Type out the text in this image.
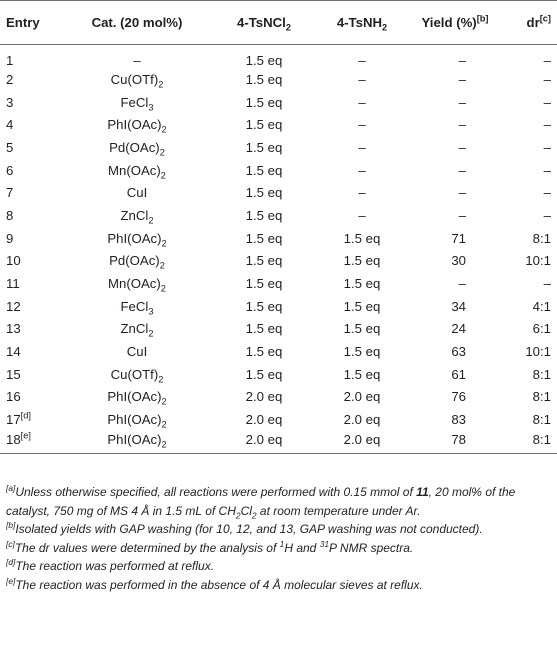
Entry	Cat. (20 mol%)	4-TsNCl$_2$	4-TsNH$_2$	Yield (%)[b]	dr[c]
1	–	1.5 eq	–	–	–
2	$Cu(OTf)_2$	1.5 eq	–	–	–
3	FeCl$_3$	1.5 eq	–	–	–
4	$PhI(OAc)_2$	1.5 eq	–	–	–
5	$Pd(OAc)_2$	1.5 eq	–	–	–
6	$Mn(OAc)_2$	1.5 eq	–	–	–
7	CuI	1.5 eq	–	–	–
8	ZnCl$_2$	1.5 eq	–	–	–
9	$PhI(OAc)_2$	1.5 eq	1.5 eq	71	8:1
10	$Pd(OAc)_2$	1.5 eq	1.5 eq	30	10:1
11	$Mn(OAc)_2$	1.5 eq	1.5 eq	–	–
12	FeCl$_3$	1.5 eq	1.5 eq	34	4:1
13	ZnCl$_2$	1.5 eq	1.5 eq	24	6:1
14	CuI	1.5 eq	1.5 eq	63	10:1
15	$Cu(OTf)_2$	1.5 eq	1.5 eq	61	8:1
16	$PhI(OAc)_2$	2.0 eq	2.0 eq	76	8:1
17[d]	$PhI(OAc)_2$	2.0 eq	2.0 eq	83	8:1
18[e]	$PhI(OAc)_2$	2.0 eq	2.0 eq	78	8:1

[a]Unless otherwise specified, all reactions were performed with 0.15 mmol of 11, 20 mol% of the catalyst, 750 mg of MS 4 Å in 1.5 mL of $CH_2Cl_2$ at room temperature under Ar.

[b]Isolated yields with GAP washing (for 10, 12, and 13, GAP washing was not conducted).

[c]The dr values were determined by the analysis of $^1$H and $^{31}$P NMR spectra.

[d]The reaction was performed at reflux.

[e]The reaction was performed in the absence of 4 Å molecular sieves at reflux.
